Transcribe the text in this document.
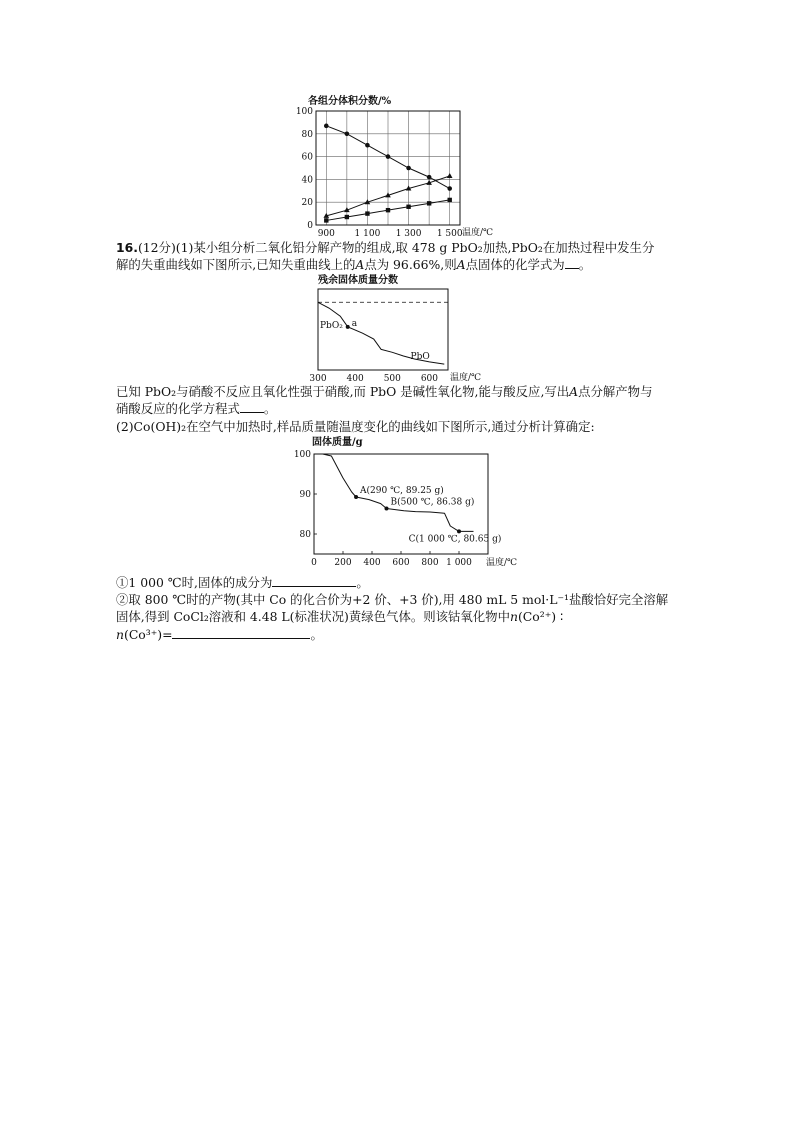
各组分体积分数/%
0
20
40
60
80
100
900 1 100 1 300 1 500 温度/℃
16.(12分)(1)某小组分析二氧化铅分解产物的组成,取 478 g PbO₂加热,PbO₂在加热过程中发生分
解的失重曲线如下图所示,已知失重曲线上的A点为 96.66%,则A点固体的化学式为 。
残余固体质量分数
PbO₂ a
PbO
300 400 500 600 温度/℃
已知 PbO₂与硝酸不反应且氧化性强于硝酸,而 PbO 是碱性氧化物,能与酸反应,写出A点分解产物与
硝酸反应的化学方程式 。
(2)Co(OH)₂在空气中加热时,样品质量随温度变化的曲线如下图所示,通过分析计算确定:
固体质量/g
80
90
100
0 200 400 600 800 1 000 温度/℃
A(290 ℃, 89.25 g)
B(500 ℃, 86.38 g)
C(1 000 ℃, 80.65 g)
①1 000 ℃时,固体的成分为	。
②取 800 ℃时的产物(其中 Co 的化合价为+2 价、+3 价),用 480 mL 5 mol·L⁻¹盐酸恰好完全溶解
固体,得到 CoCl₂溶液和 4.48 L(标准状况)黄绿色气体。则该钴氧化物中n(Co²⁺) ∶
n(Co³⁺)=	。
